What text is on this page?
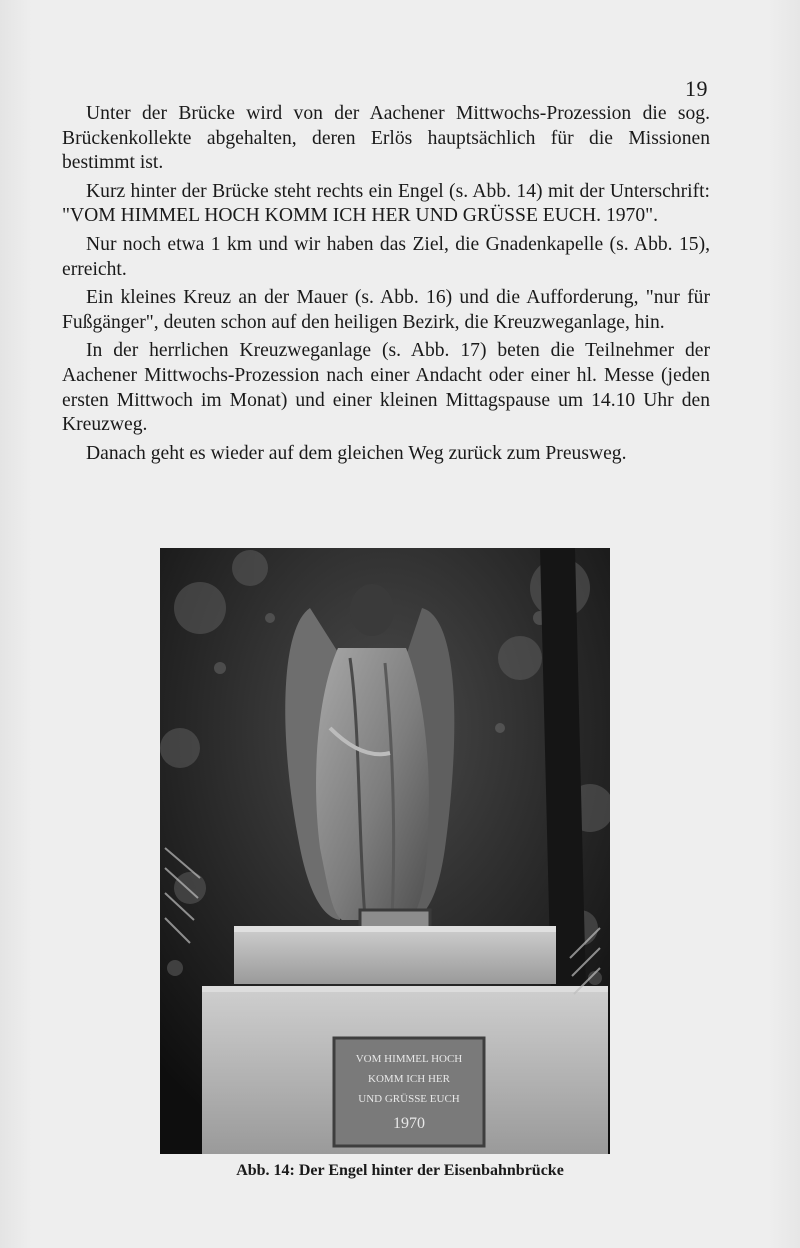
19

Unter der Brücke wird von der Aachener Mittwochs-Prozession die sog. Brückenkollekte abgehalten, deren Erlös hauptsächlich für die Missionen bestimmt ist.

Kurz hinter der Brücke steht rechts ein Engel (s. Abb. 14) mit der Unterschrift: "VOM HIMMEL HOCH KOMM ICH HER UND GRÜSSE EUCH. 1970".

Nur noch etwa 1 km und wir haben das Ziel, die Gnadenkapelle (s. Abb. 15), erreicht.

Ein kleines Kreuz an der Mauer (s. Abb. 16) und die Aufforderung, "nur für Fußgänger", deuten schon auf den heiligen Bezirk, die Kreuzweganlage, hin.

In der herrlichen Kreuzweganlage (s. Abb. 17) beten die Teilnehmer der Aachener Mittwochs-Prozession nach einer Andacht oder einer hl. Messe (jeden ersten Mittwoch im Monat) und einer kleinen Mittagspause um 14.10 Uhr den Kreuzweg.

Danach geht es wieder auf dem gleichen Weg zurück zum Preusweg.

VOM HIMMEL HOCH
KOMM ICH HER
UND GRÜSSE EUCH
1970
Abb. 14: Der Engel hinter der Eisenbahnbrücke
